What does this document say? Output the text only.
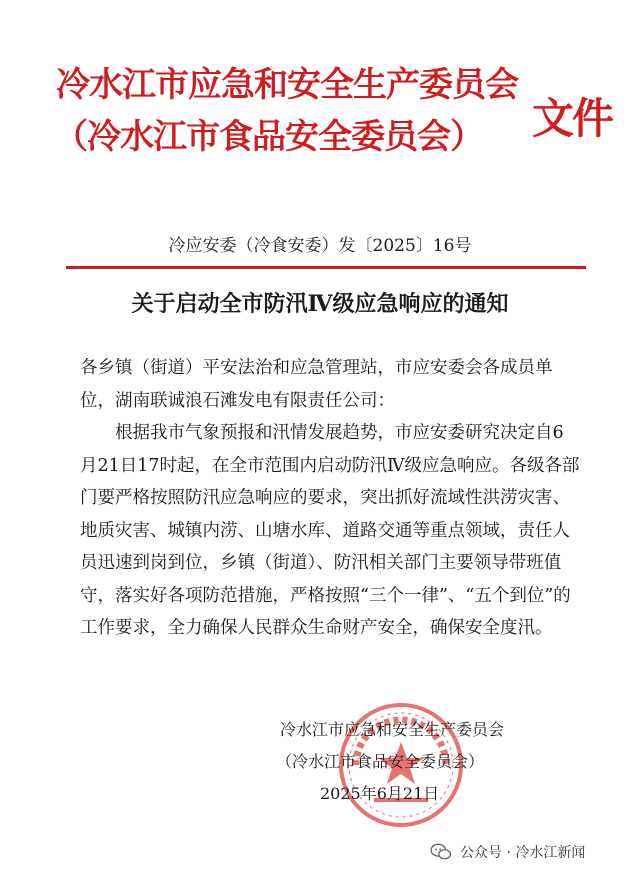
冷水江市应急和安全生产委员会
（冷水江市食品安全委员会） 文件
冷应安委（冷食安委）发〔2025〕16号
关于启动全市防汛Ⅳ级应急响应的通知

各乡镇（街道）平安法治和应急管理站，市应安委会各成员单位，湖南联诚浪石滩发电有限责任公司：

根据我市气象预报和汛情发展趋势，市应安委研究决定自6月21日17时起，在全市范围内启动防汛Ⅳ级应急响应。各级各部门要严格按照防汛应急响应的要求，突出抓好流域性洪涝灾害、地质灾害、城镇内涝、山塘水库、道路交通等重点领域，责任人员迅速到岗到位，乡镇（街道）、防汛相关部门主要领导带班值守，落实好各项防范措施，严格按照“三个一律”、“五个到位”的工作要求，全力确保人民群众生命财产安全，确保安全度汛。

冷水江市应急和安全生产委员会
（冷水江市食品安全委员会）
2025年6月21日
公众号 · 冷水江新闻
